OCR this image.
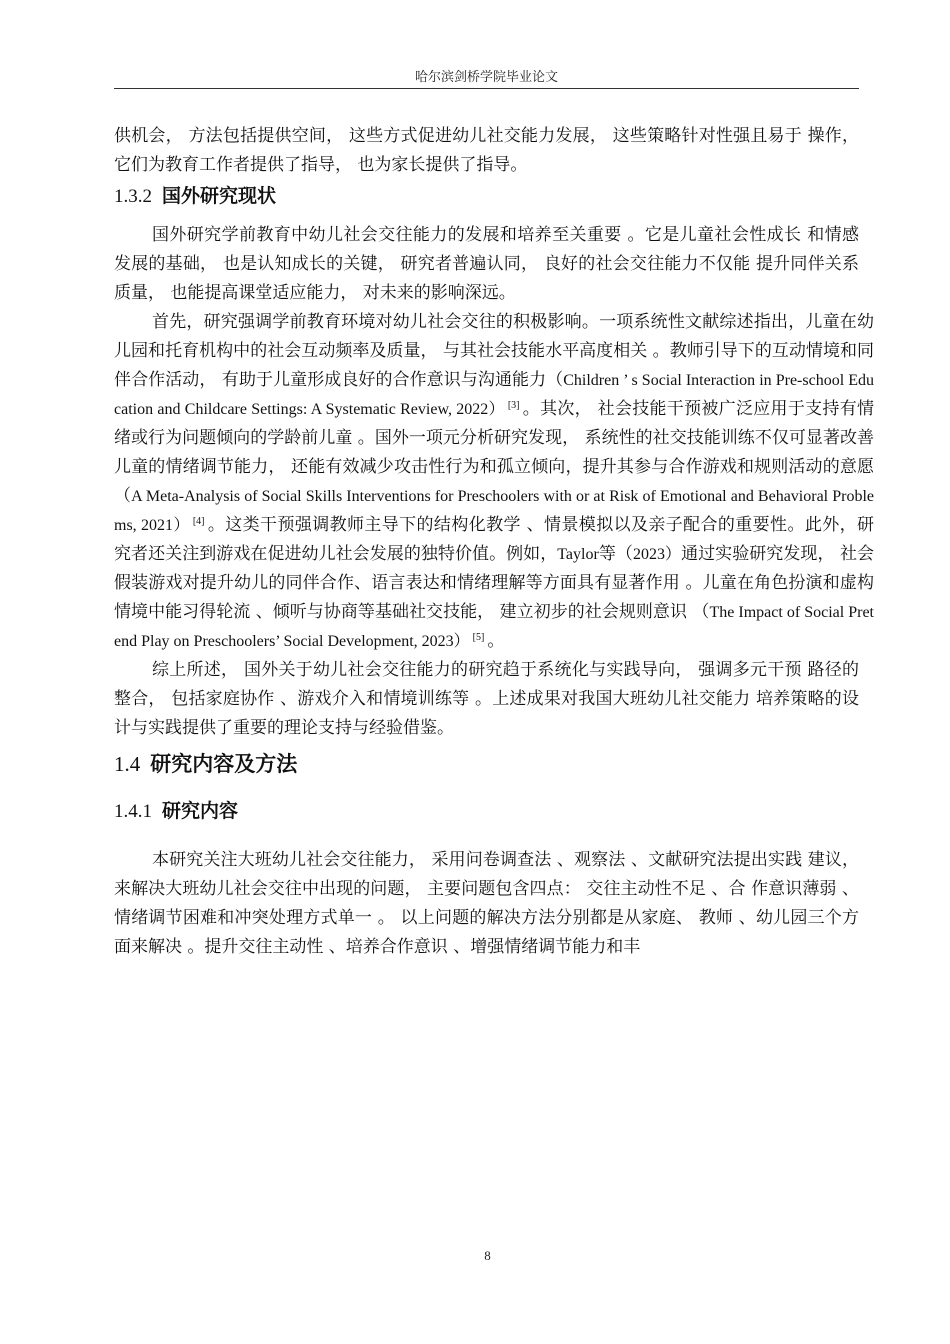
哈尔滨剑桥学院毕业论文

供机会， 方法包括提供空间， 这些方式促进幼儿社交能力发展， 这些策略针对性强且易于 操作， 它们为教育工作者提供了指导， 也为家长提供了指导。

1.3.2 国外研究现状

国外研究学前教育中幼儿社会交往能力的发展和培养至关重要 。它是儿童社会性成长 和情感发展的基础， 也是认知成长的关键， 研究者普遍认同， 良好的社会交往能力不仅能 提升同伴关系质量， 也能提高课堂适应能力， 对未来的影响深远。

首先，研究强调学前教育环境对幼儿社会交往的积极影响。一项系统性文献综述指出，儿童在幼儿园和托育机构中的社会互动频率及质量， 与其社会技能水平高度相关 。教师引导下的互动情境和同伴合作活动， 有助于儿童形成良好的合作意识与沟通能力（Children ’ s Social Interaction in Pre-school Education and Childcare Settings: A Systematic Review, 2022） [3] 。其次， 社会技能干预被广泛应用于支持有情绪或行为问题倾向的学龄前儿童 。国外一项元分析研究发现， 系统性的社交技能训练不仅可显著改善儿童的情绪调节能力， 还能有效减少攻击性行为和孤立倾向，提升其参与合作游戏和规则活动的意愿（A Meta-Analysis of Social Skills Interventions for Preschoolers with or at Risk of Emotional and Behavioral Problems, 2021） [4] 。这类干预强调教师主导下的结构化教学 、情景模拟以及亲子配合的重要性。此外，研究者还关注到游戏在促进幼儿社会发展的独特价值。例如，Taylor等（2023）通过实验研究发现， 社会假装游戏对提升幼儿的同伴合作、语言表达和情绪理解等方面具有显著作用 。儿童在角色扮演和虚构情境中能习得轮流 、倾听与协商等基础社交技能， 建立初步的社会规则意识 （The Impact of Social Pretend Play on Preschoolers’ Social Development, 2023） [5] 。

综上所述， 国外关于幼儿社会交往能力的研究趋于系统化与实践导向， 强调多元干预 路径的整合， 包括家庭协作 、游戏介入和情境训练等 。上述成果对我国大班幼儿社交能力 培养策略的设计与实践提供了重要的理论支持与经验借鉴。

1.4 研究内容及方法
1.4.1 研究内容

本研究关注大班幼儿社会交往能力， 采用问卷调查法 、观察法 、文献研究法提出实践 建议， 来解决大班幼儿社会交往中出现的问题， 主要问题包含四点： 交往主动性不足 、合 作意识薄弱 、情绪调节困难和冲突处理方式单一 。 以上问题的解决方法分别都是从家庭、 教师 、幼儿园三个方面来解决 。提升交往主动性 、培养合作意识 、增强情绪调节能力和丰

8
